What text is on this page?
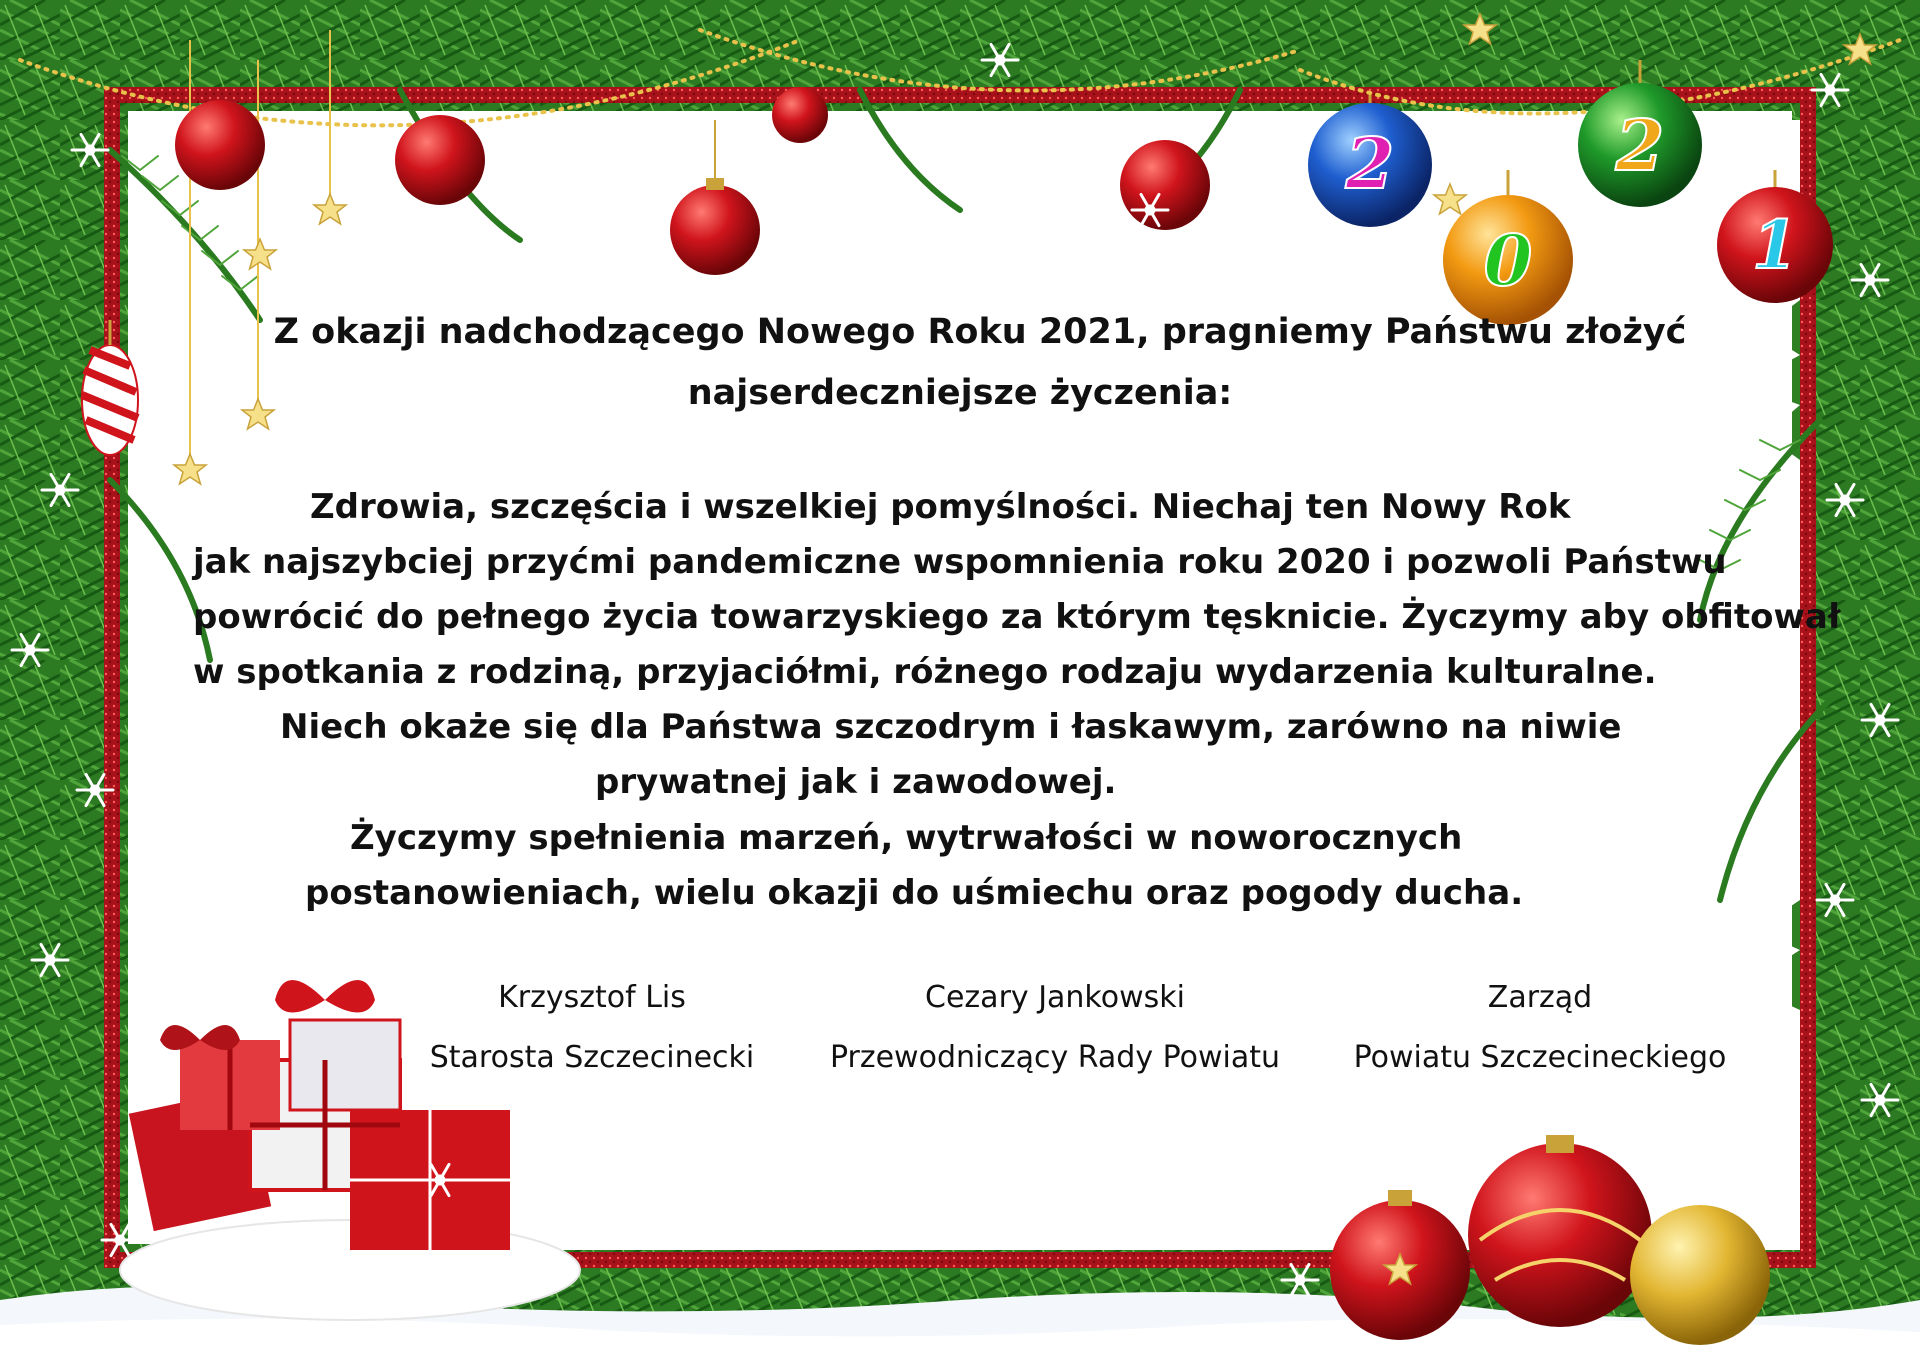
2
0
2
1
Z okazji nadchodzącego Nowego Roku 2021, pragniemy Państwu złożyć
najserdeczniejsze życzenia:
Zdrowia, szczęścia i wszelkiej pomyślności. Niechaj ten Nowy Rok
jak najszybciej przyćmi pandemiczne wspomnienia roku 2020 i pozwoli Państwu
powrócić do pełnego życia towarzyskiego za którym tęsknicie. Życzymy aby obfitował
w spotkania z rodziną, przyjaciółmi, różnego rodzaju wydarzenia kulturalne.
Niech okaże się dla Państwa szczodrym i łaskawym, zarówno na niwie
prywatnej jak i zawodowej.
Życzymy spełnienia marzeń, wytrwałości w noworocznych
postanowieniach, wielu okazji do uśmiechu oraz pogody ducha.
Krzysztof Lis
Starosta Szczecinecki
Cezary Jankowski
Przewodniczący Rady Powiatu
Zarząd
Powiatu Szczecineckiego
